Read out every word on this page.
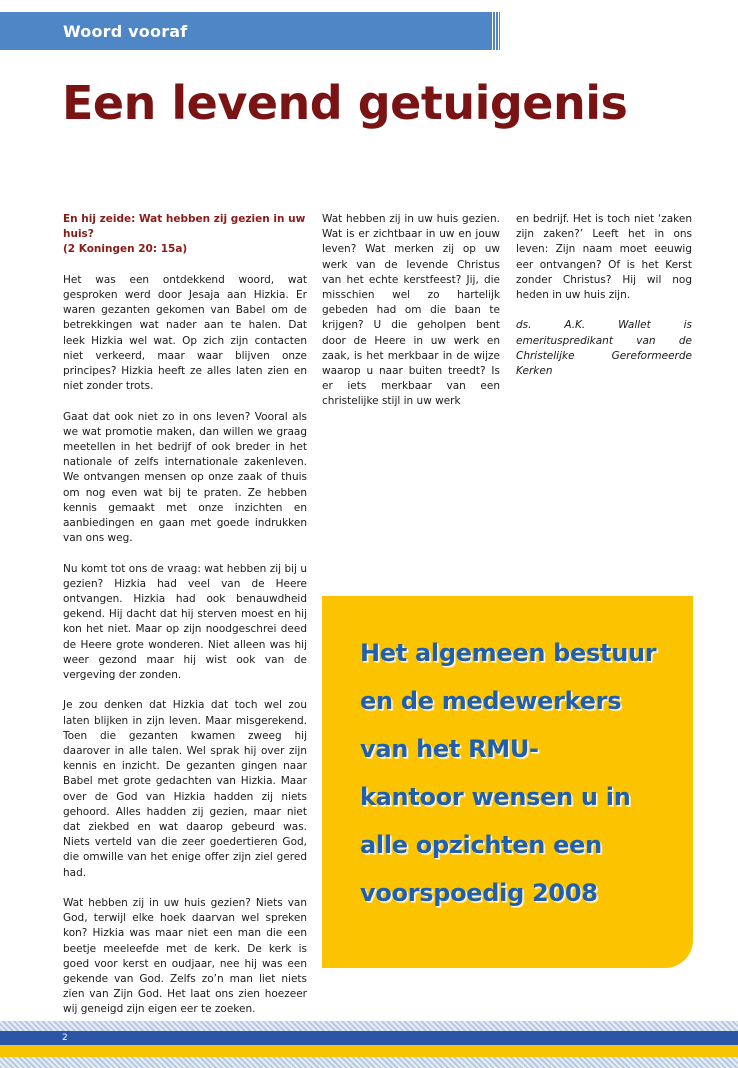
Woord vooraf
Een levend getuigenis

En hij zeide: Wat hebben zij gezien in uw huis?
(2 Koningen 20: 15a)

Het was een ontdekkend woord, wat gesproken werd door Jesaja aan Hizkia. Er waren gezanten gekomen van Babel om de betrekkingen wat nader aan te halen. Dat leek Hizkia wel wat. Op zich zijn contacten niet verkeerd, maar waar blijven onze principes? Hizkia heeft ze alles laten zien en niet zonder trots.

Gaat dat ook niet zo in ons leven? Vooral als we wat promotie maken, dan willen we graag meetellen in het bedrijf of ook breder in het nationale of zelfs internationale zakenleven. We ontvangen mensen op onze zaak of thuis om nog even wat bij te praten. Ze hebben kennis gemaakt met onze inzichten en aanbiedingen en gaan met goede indrukken van ons weg.

Nu komt tot ons de vraag: wat hebben zij bij u gezien? Hizkia had veel van de Heere ontvangen. Hizkia had ook benauwdheid gekend. Hij dacht dat hij sterven moest en hij kon het niet. Maar op zijn noodgeschrei deed de Heere grote wonderen. Niet alleen was hij weer gezond maar hij wist ook van de vergeving der zonden.

Je zou denken dat Hizkia dat toch wel zou laten blijken in zijn leven. Maar misgerekend. Toen die gezanten kwamen zweeg hij daarover in alle talen. Wel sprak hij over zijn kennis en inzicht. De gezanten gingen naar Babel met grote gedachten van Hizkia. Maar over de God van Hizkia hadden zij niets gehoord. Alles hadden zij gezien, maar niet dat ziekbed en wat daarop gebeurd was. Niets verteld van die zeer goedertieren God, die omwille van het enige offer zijn ziel gered had.

Wat hebben zij in uw huis gezien? Niets van God, terwijl elke hoek daarvan wel spreken kon? Hizkia was maar niet een man die een beetje meeleefde met de kerk. De kerk is goed voor kerst en oudjaar, nee hij was een gekende van God. Zelfs zo’n man liet niets zien van Zijn God. Het laat ons zien hoezeer wij geneigd zijn eigen eer te zoeken.

Wat hebben zij in uw huis gezien. Wat is er zichtbaar in uw en jouw leven? Wat merken zij op uw werk van de levende Christus van het echte kerstfeest? Jij, die misschien wel zo hartelijk gebeden had om die baan te krijgen? U die geholpen bent door de Heere in uw werk en zaak, is het merkbaar in de wijze waarop u naar buiten treedt? Is er iets merkbaar van een christelijke stijl in uw werk

en bedrijf. Het is toch niet ‘zaken zijn zaken?’ Leeft het in ons leven: Zijn naam moet eeuwig eer ontvangen? Of is het Kerst zonder Christus? Hij wil nog heden in uw huis zijn.

ds. A.K. Wallet is emerituspredikant van de Christelijke Gereformeerde Kerken

Het algemeen bestuur
en de medewerkers
van het RMU-
kantoor wensen u in
alle opzichten een
voorspoedig 2008
2
